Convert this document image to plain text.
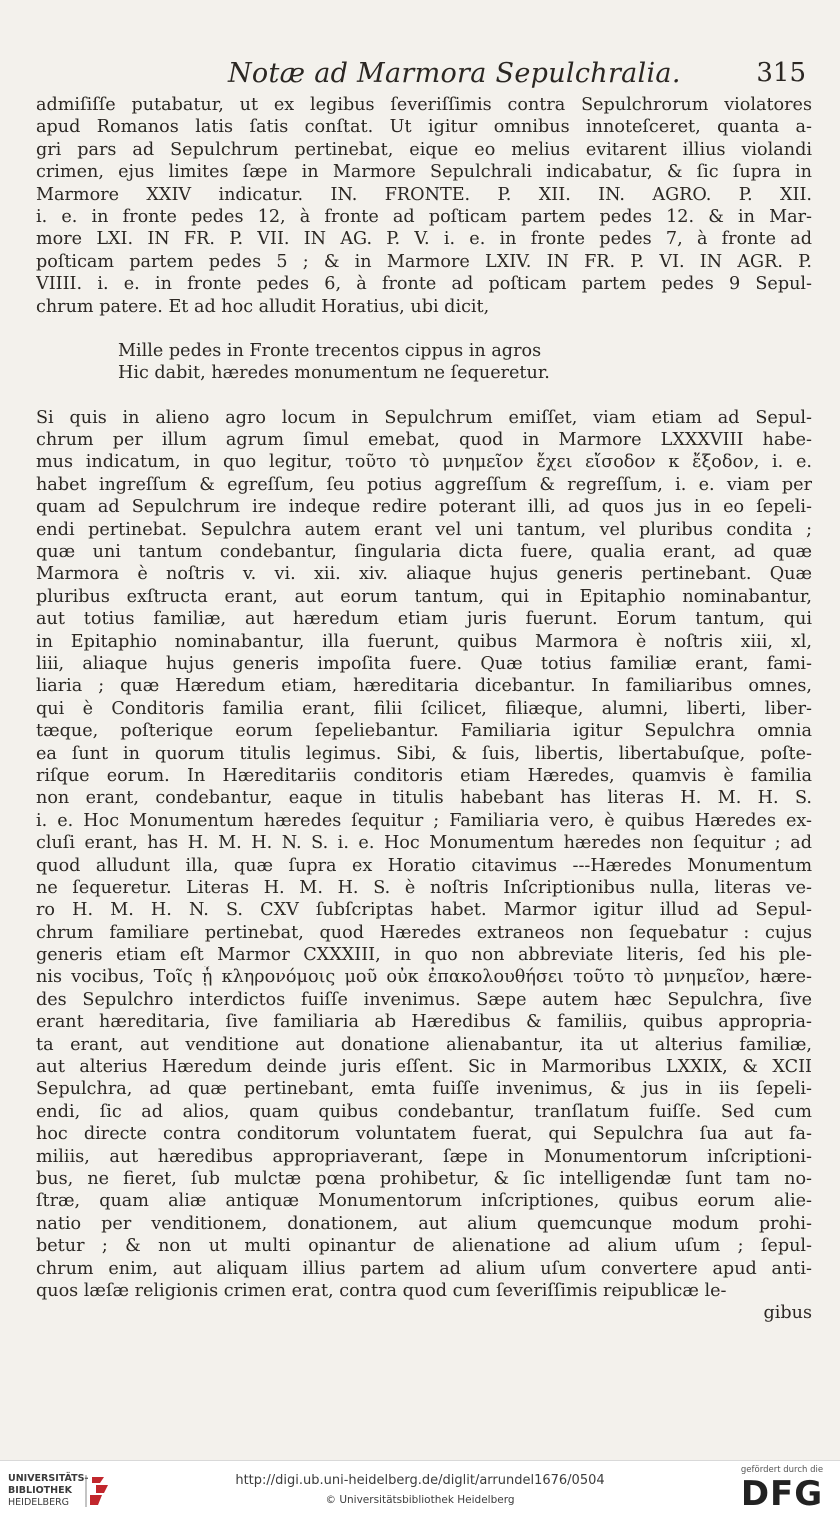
Notæ ad Marmora Sepulchralia.	315
admiſiſſe putabatur, ut ex legibus ſeveriſſimis contra Sepulchrorum violatores
apud Romanos latis ſatis conſtat. Ut igitur omnibus innoteſceret, quanta a-
gri pars ad Sepulchrum pertinebat, eique eo melius evitarent illius violandi
crimen, ejus limites ſæpe in Marmore Sepulchrali indicabatur, & ſic ſupra in
Marmore XXIV indicatur. IN. FRONTE. P. XII. IN. AGRO. P. XII.
i. e. in fronte pedes 12, à fronte ad poſticam partem pedes 12. & in Mar-
more LXI. IN FR. P. VII. IN AG. P. V. i. e. in fronte pedes 7, à fronte ad
poſticam partem pedes 5 ; & in Marmore LXIV. IN FR. P. VI. IN AGR. P.
VIIII. i. e. in fronte pedes 6, à fronte ad poſticam partem pedes 9 Sepul-
chrum patere. Et ad hoc alludit Horatius, ubi dicit,
Mille pedes in Fronte trecentos cippus in agros
Hic dabit, hæredes monumentum ne ſequeretur.
Si quis in alieno agro locum in Sepulchrum emiſſet, viam etiam ad Sepul-
chrum per illum agrum ſimul emebat, quod in Marmore LXXXVIII habe-
mus indicatum, in quo legitur, τοῦτο τὸ μνημεῖον ἔχει εἴσοδον κ ἔξοδον, i. e.
habet ingreſſum & egreſſum, ſeu potius aggreſſum & regreſſum, i. e. viam per
quam ad Sepulchrum ire indeque redire poterant illi, ad quos jus in eo ſepeli-
endi pertinebat. Sepulchra autem erant vel uni tantum, vel pluribus condita ;
quæ uni tantum condebantur, ſingularia dicta fuere, qualia erant, ad quæ
Marmora è noſtris v. vi. xii. xiv. aliaque hujus generis pertinebant. Quæ
pluribus exſtructa erant, aut eorum tantum, qui in Epitaphio nominabantur,
aut totius familiæ, aut hæredum etiam juris fuerunt. Eorum tantum, qui
in Epitaphio nominabantur, illa fuerunt, quibus Marmora è noſtris xiii, xl,
liii, aliaque hujus generis impoſita fuere. Quæ totius familiæ erant, fami-
liaria ; quæ Hæredum etiam, hæreditaria dicebantur. In familiaribus omnes,
qui è Conditoris familia erant, filii ſcilicet, filiæque, alumni, liberti, liber-
tæque, poſterique eorum ſepeliebantur. Familiaria igitur Sepulchra omnia
ea ſunt in quorum titulis legimus. Sibi, & ſuis, libertis, libertabuſque, poſte-
riſque eorum. In Hæreditariis conditoris etiam Hæredes, quamvis è familia
non erant, condebantur, eaque in titulis habebant has literas H. M. H. S.
i. e. Hoc Monumentum hæredes ſequitur ; Familiaria vero, è quibus Hæredes ex-
cluſi erant, has H. M. H. N. S. i. e. Hoc Monumentum hæredes non ſequitur ; ad
quod alludunt illa, quæ ſupra ex Horatio citavimus ---Hæredes Monumentum
ne ſequeretur. Literas H. M. H. S. è noſtris Inſcriptionibus nulla, literas ve-
ro H. M. H. N. S. CXV ſubſcriptas habet. Marmor igitur illud ad Sepul-
chrum familiare pertinebat, quod Hæredes extraneos non ſequebatur : cujus
generis etiam eſt Marmor CXXXIII, in quo non abbreviate literis, ſed his ple-
nis vocibus, Τοῖς ᾗ κληρονόμοις μοῦ οὐκ ἐπακολουθήσει τοῦτο τὸ μνημεῖον, hære-
des Sepulchro interdictos fuiſſe invenimus. Sæpe autem hæc Sepulchra, ſive
erant hæreditaria, ſive familiaria ab Hæredibus & familiis, quibus appropria-
ta erant, aut venditione aut donatione alienabantur, ita ut alterius familiæ,
aut alterius Hæredum deinde juris eſſent. Sic in Marmoribus LXXIX, & XCII
Sepulchra, ad quæ pertinebant, emta fuiſſe invenimus, & jus in iis ſepeli-
endi, ſic ad alios, quam quibus condebantur, tranſlatum fuiſſe. Sed cum
hoc directe contra conditorum voluntatem fuerat, qui Sepulchra ſua aut fa-
miliis, aut hæredibus appropriaverant, ſæpe in Monumentorum inſcriptioni-
bus, ne fieret, ſub mulctæ pœna prohibetur, & ſic intelligendæ ſunt tam no-
ſtræ, quam aliæ antiquæ Monumentorum inſcriptiones, quibus eorum alie-
natio per venditionem, donationem, aut alium quemcunque modum prohi-
betur ; & non ut multi opinantur de alienatione ad alium uſum ; ſepul-
chrum enim, aut aliquam illius partem ad alium uſum convertere apud anti-
quos læſæ religionis crimen erat, contra quod cum ſeveriſſimis reipublicæ le-
gibus
UNIVERSITÄTS-
BIBLIOTHEK
HEIDELBERG
http://digi.ub.uni-heidelberg.de/diglit/arrundel1676/0504
© Universitätsbibliothek Heidelberg
gefördert durch die
DFG
